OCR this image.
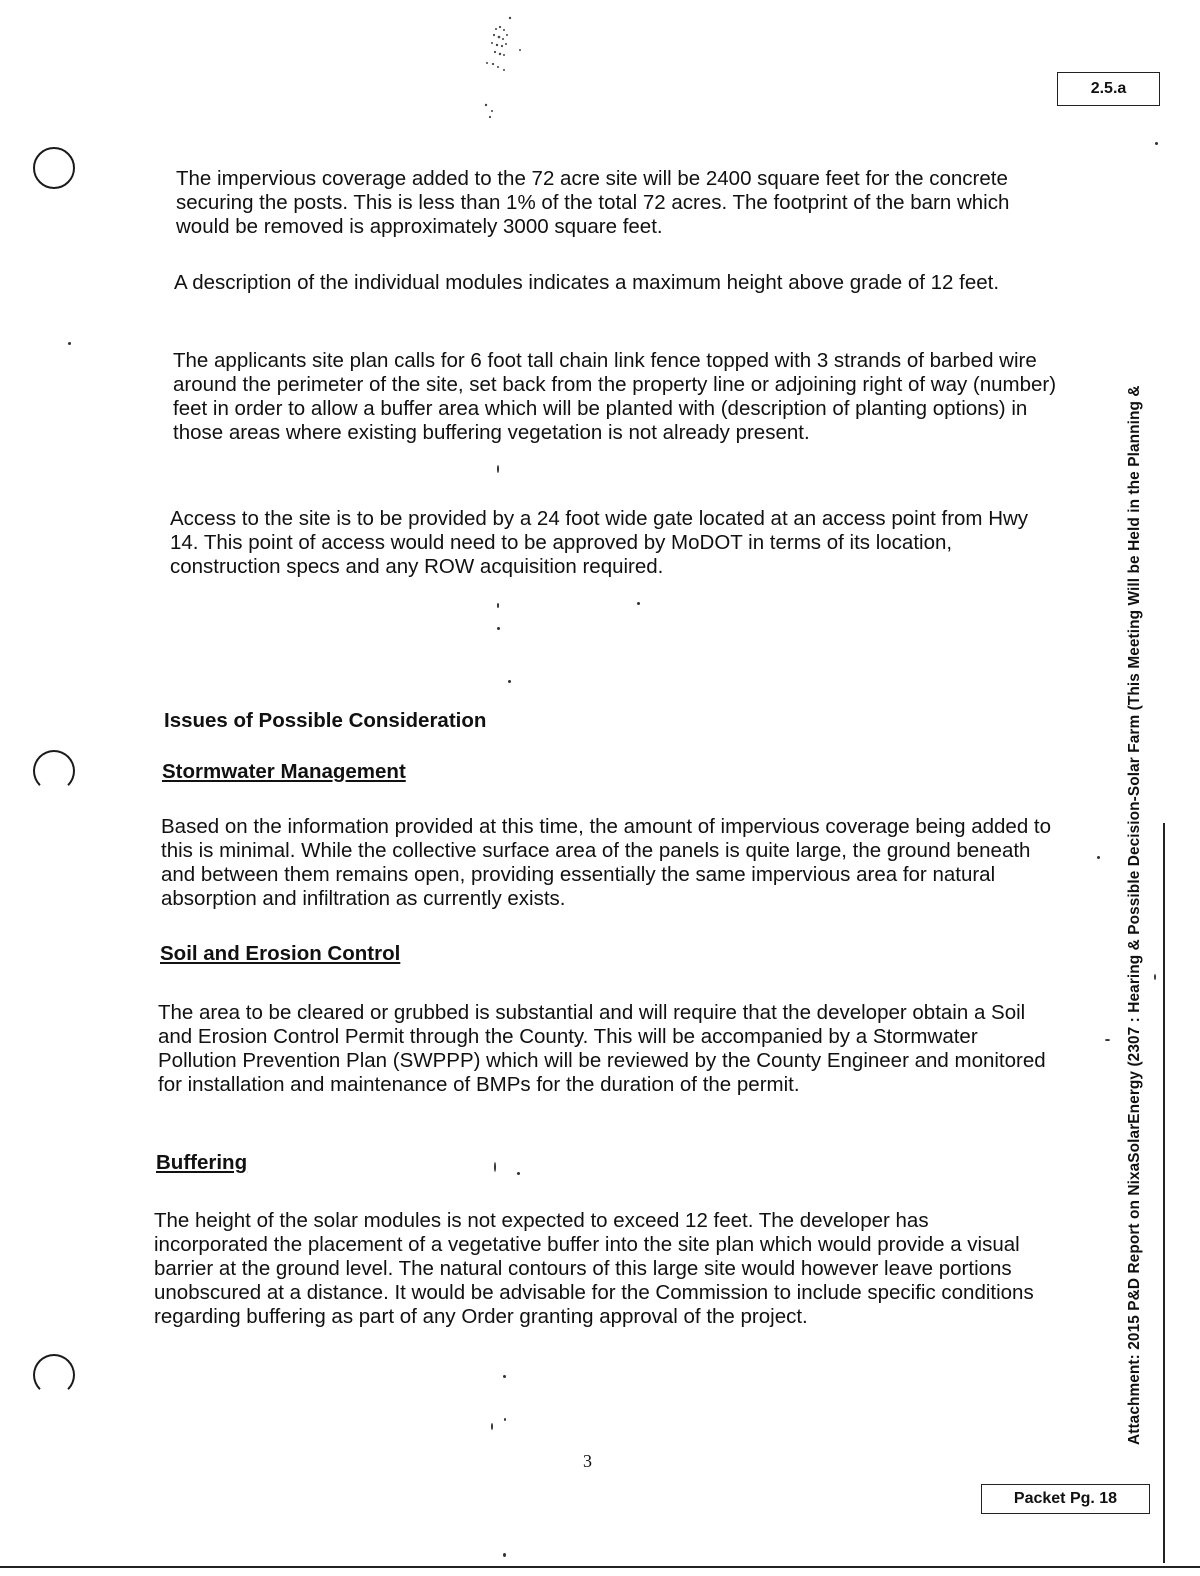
2.5.a
Packet Pg. 18
Attachment: 2015 P&D Report on NixaSolarEnergy (2307 : Hearing & Possible Decision-Solar Farm (This Meeting Will be Held in the Planning &

The impervious coverage added to the 72 acre site will be 2400 square feet for the concrete securing the posts. This is less than 1% of the total 72 acres. The footprint of the barn which would be removed is approximately 3000 square feet.

A description of the individual modules indicates a maximum height above grade of 12 feet.

The applicants site plan calls for 6 foot tall chain link fence topped with 3 strands of barbed wire around the perimeter of the site, set back from the property line or adjoining right of way (number) feet in order to allow a buffer area which will be planted with (description of planting options) in those areas where existing buffering vegetation is not already present.

Access to the site is to be provided by a 24 foot wide gate located at an access point from Hwy 14. This point of access would need to be approved by MoDOT in terms of its location, construction specs and any ROW acquisition required.

Issues of Possible Consideration
Stormwater Management

Based on the information provided at this time, the amount of impervious coverage being added to this is minimal. While the collective surface area of the panels is quite large, the ground beneath and between them remains open, providing essentially the same impervious area for natural absorption and infiltration as currently exists.

Soil and Erosion Control

The area to be cleared or grubbed is substantial and will require that the developer obtain a Soil and Erosion Control Permit through the County. This will be accompanied by a Stormwater Pollution Prevention Plan (SWPPP) which will be reviewed by the County Engineer and monitored for installation and maintenance of BMPs for the duration of the permit.

Buffering

The height of the solar modules is not expected to exceed 12 feet. The developer has incorporated the placement of a vegetative buffer into the site plan which would provide a visual barrier at the ground level. The natural contours of this large site would however leave portions unobscured at a distance. It would be advisable for the Commission to include specific conditions regarding buffering as part of any Order granting approval of the project.

3
